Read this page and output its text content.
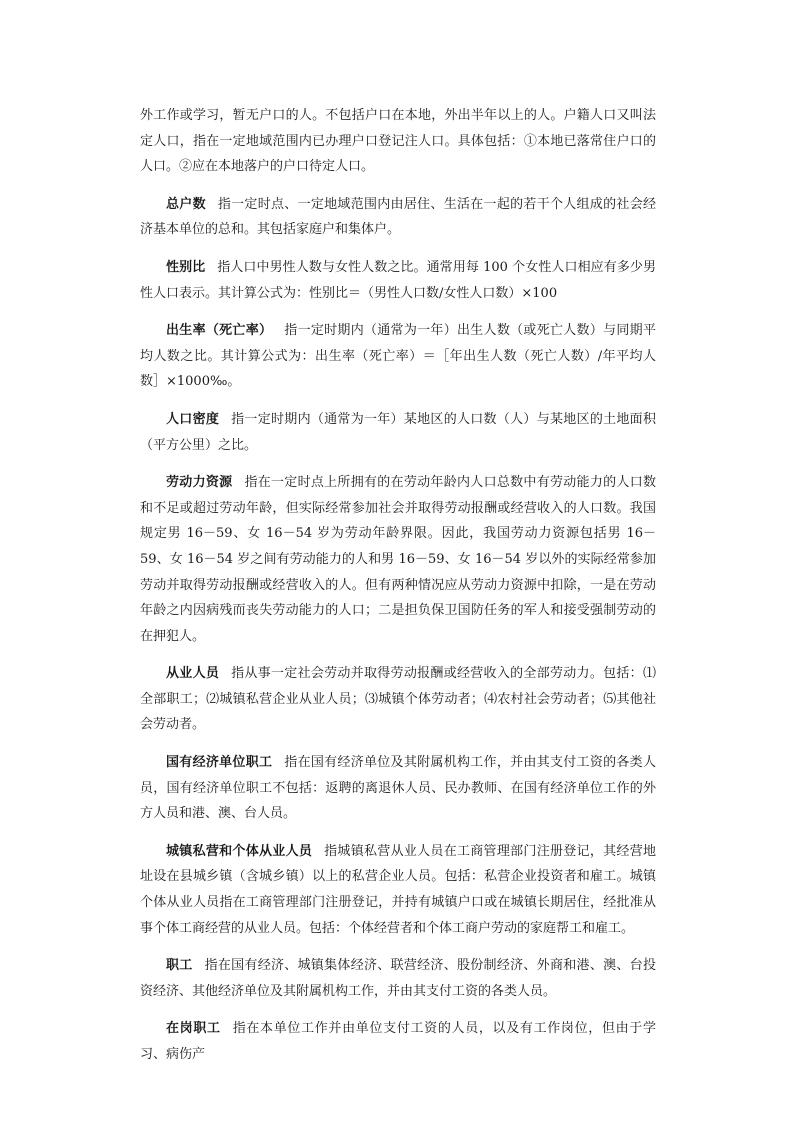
外工作或学习，暂无户口的人。不包括户口在本地，外出半年以上的人。户籍人口又叫法定人口，指在一定地域范围内已办理户口登记注人口。具体包括：①本地已落常住户口的人口。②应在本地落户的户口待定人口。

总户数 指一定时点、一定地域范围内由居住、生活在一起的若干个人组成的社会经济基本单位的总和。其包括家庭户和集体户。

性别比 指人口中男性人数与女性人数之比。通常用每 100 个女性人口相应有多少男性人口表示。其计算公式为：性别比＝（男性人口数/女性人口数）×100

出生率（死亡率） 指一定时期内（通常为一年）出生人数（或死亡人数）与同期平均人数之比。其计算公式为：出生率（死亡率）＝［年出生人数（死亡人数）/年平均人数］×1000‰。

人口密度 指一定时期内（通常为一年）某地区的人口数（人）与某地区的土地面积（平方公里）之比。

劳动力资源 指在一定时点上所拥有的在劳动年龄内人口总数中有劳动能力的人口数和不足或超过劳动年龄，但实际经常参加社会并取得劳动报酬或经营收入的人口数。我国规定男 16－59、女 16－54 岁为劳动年龄界限。因此，我国劳动力资源包括男 16－59、女 16－54 岁之间有劳动能力的人和男 16－59、女 16－54 岁以外的实际经常参加劳动并取得劳动报酬或经营收入的人。但有两种情况应从劳动力资源中扣除，一是在劳动年龄之内因病残而丧失劳动能力的人口；二是担负保卫国防任务的军人和接受强制劳动的在押犯人。

从业人员 指从事一定社会劳动并取得劳动报酬或经营收入的全部劳动力。包括：⑴全部职工；⑵城镇私营企业从业人员；⑶城镇个体劳动者；⑷农村社会劳动者；⑸其他社会劳动者。

国有经济单位职工 指在国有经济单位及其附属机构工作，并由其支付工资的各类人员，国有经济单位职工不包括：返聘的离退休人员、民办教师、在国有经济单位工作的外方人员和港、澳、台人员。

城镇私营和个体从业人员 指城镇私营从业人员在工商管理部门注册登记，其经营地址设在县城乡镇（含城乡镇）以上的私营企业人员。包括：私营企业投资者和雇工。城镇个体从业人员指在工商管理部门注册登记，并持有城镇户口或在城镇长期居住，经批准从事个体工商经营的从业人员。包括：个体经营者和个体工商户劳动的家庭帮工和雇工。

职工 指在国有经济、城镇集体经济、联营经济、股份制经济、外商和港、澳、台投资经济、其他经济单位及其附属机构工作，并由其支付工资的各类人员。

在岗职工 指在本单位工作并由单位支付工资的人员，以及有工作岗位，但由于学习、病伤产
